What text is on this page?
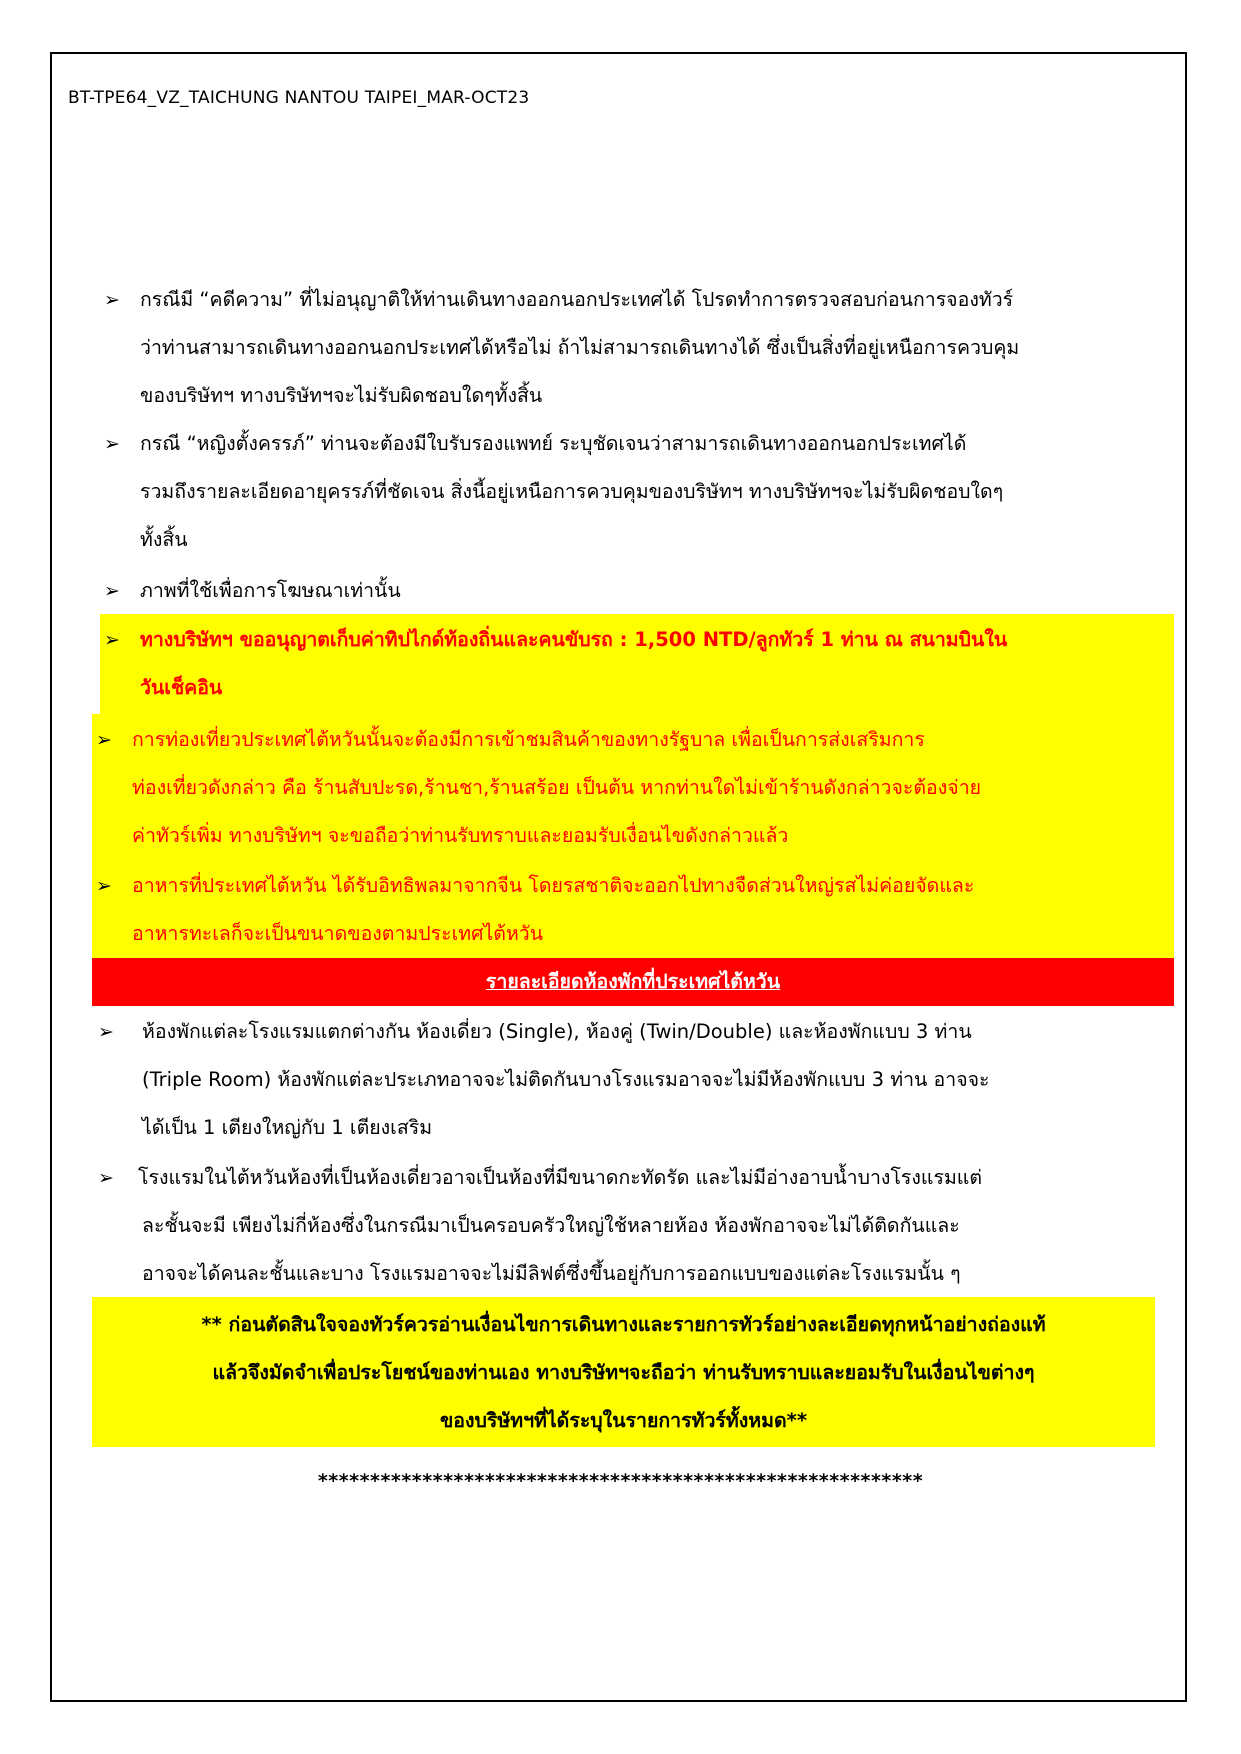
BT-TPE64_VZ_TAICHUNG NANTOU TAIPEI_MAR-OCT23
➢ กรณีมี “คดีความ” ที่ไม่อนุญาติให้ท่านเดินทางออกนอกประเทศได้ โปรดทำการตรวจสอบก่อนการจองทัวร์
ว่าท่านสามารถเดินทางออกนอกประเทศได้หรือไม่ ถ้าไม่สามารถเดินทางได้ ซึ่งเป็นสิ่งที่อยู่เหนือการควบคุม
ของบริษัทฯ ทางบริษัทฯจะไม่รับผิดชอบใดๆทั้งสิ้น
➢ กรณี “หญิงตั้งครรภ์” ท่านจะต้องมีใบรับรองแพทย์ ระบุชัดเจนว่าสามารถเดินทางออกนอกประเทศได้
รวมถึงรายละเอียดอายุครรภ์ที่ชัดเจน สิ่งนี้อยู่เหนือการควบคุมของบริษัทฯ ทางบริษัทฯจะไม่รับผิดชอบใดๆ
ทั้งสิ้น
➢ ภาพที่ใช้เพื่อการโฆษณาเท่านั้น
➢ ทางบริษัทฯ ขออนุญาตเก็บค่าทิปไกด์ท้องถิ่นและคนขับรถ : 1,500 NTD/ลูกทัวร์ 1 ท่าน ณ สนามบินใน
วันเช็คอิน
➢ การท่องเที่ยวประเทศไต้หวันนั้นจะต้องมีการเข้าชมสินค้าของทางรัฐบาล เพื่อเป็นการส่งเสริมการ
ท่องเที่ยวดังกล่าว คือ ร้านสับปะรด,ร้านชา,ร้านสร้อย เป็นต้น หากท่านใดไม่เข้าร้านดังกล่าวจะต้องจ่าย
ค่าทัวร์เพิ่ม ทางบริษัทฯ จะขอถือว่าท่านรับทราบและยอมรับเงื่อนไขดังกล่าวแล้ว
➢ อาหารที่ประเทศไต้หวัน ได้รับอิทธิพลมาจากจีน โดยรสชาติจะออกไปทางจืดส่วนใหญ่รสไม่ค่อยจัดและ
อาหารทะเลก็จะเป็นขนาดของตามประเทศไต้หวัน
รายละเอียดห้องพักที่ประเทศไต้หวัน
➢ ห้องพักแต่ละโรงแรมแตกต่างกัน ห้องเดี่ยว (Single), ห้องคู่ (Twin/Double) และห้องพักแบบ 3 ท่าน
(Triple Room) ห้องพักแต่ละประเภทอาจจะไม่ติดกันบางโรงแรมอาจจะไม่มีห้องพักแบบ 3 ท่าน อาจจะ
ได้เป็น 1 เตียงใหญ่กับ 1 เตียงเสริม
➢ โรงแรมในไต้หวันห้องที่เป็นห้องเดี่ยวอาจเป็นห้องที่มีขนาดกะทัดรัด และไม่มีอ่างอาบน้ำบางโรงแรมแต่
ละชั้นจะมี เพียงไม่กี่ห้องซึ่งในกรณีมาเป็นครอบครัวใหญ่ใช้หลายห้อง ห้องพักอาจจะไม่ได้ติดกันและ
อาจจะได้คนละชั้นและบาง โรงแรมอาจจะไม่มีลิฟต์ซึ่งขึ้นอยู่กับการออกแบบของแต่ละโรงแรมนั้น ๆ
** ก่อนตัดสินใจจองทัวร์ควรอ่านเงื่อนไขการเดินทางและรายการทัวร์อย่างละเอียดทุกหน้าอย่างถ่องแท้
แล้วจึงมัดจำเพื่อประโยชน์ของท่านเอง ทางบริษัทฯจะถือว่า ท่านรับทราบและยอมรับในเงื่อนไขต่างๆ
ของบริษัทฯที่ได้ระบุในรายการทัวร์ทั้งหมด**
**********************************************************
